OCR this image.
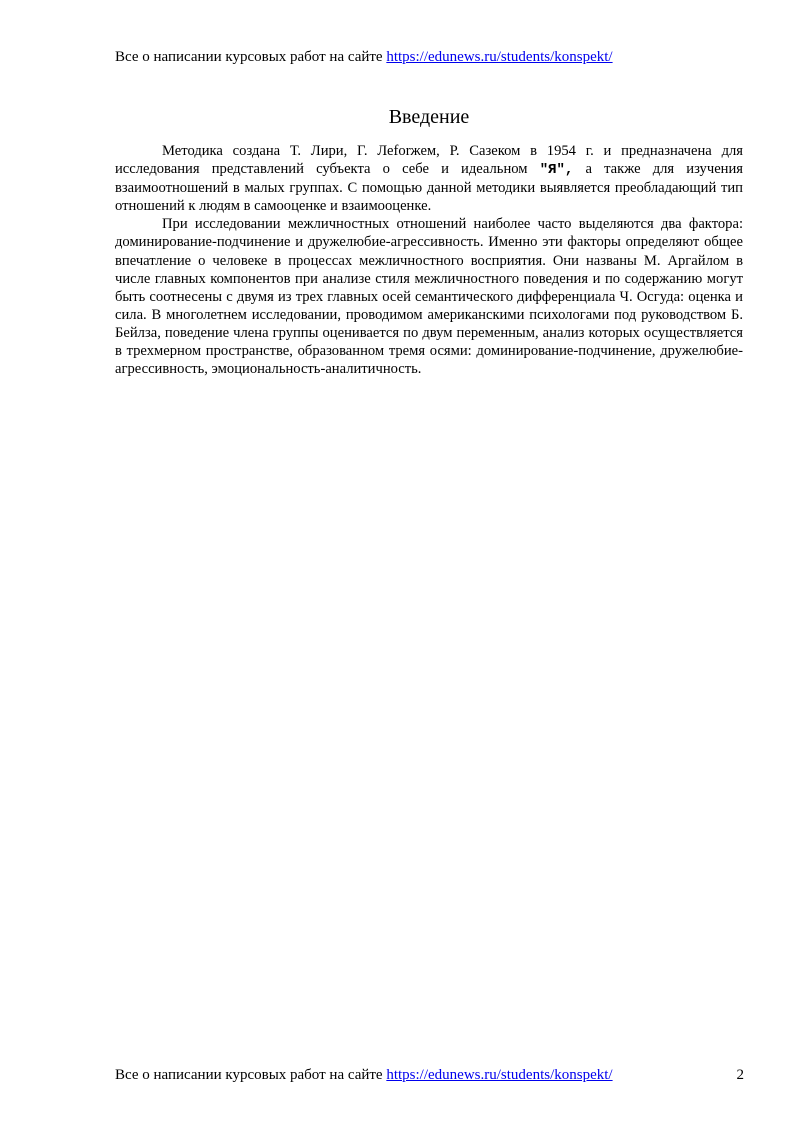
Все о написании курсовых работ на сайте https://edunews.ru/students/konspekt/
Введение

Методика создана Т. Лири, Г. Леforжем, Р. Сазеком в 1954 г. и предназначена для исследования представлений субъекта о себе и идеальном "Я", а также для изучения взаимоотношений в малых группах. С помощью данной методики выявляется преобладающий тип отношений к людям в самооценке и взаимооценке.

При исследовании межличностных отношений наиболее часто выделяются два фактора: доминирование-подчинение и дружелюбие-агрессивность. Именно эти факторы определяют общее впечатление о человеке в процессах межличностного восприятия. Они названы М. Аргайлом в числе главных компонентов при анализе стиля межличностного поведения и по содержанию могут быть соотнесены с двумя из трех главных осей семантического дифференциала Ч. Осгуда: оценка и сила. В многолетнем исследовании, проводимом американскими психологами под руководством Б. Бейлза, поведение члена группы оценивается по двум переменным, анализ которых осуществляется в трехмерном пространстве, образованном тремя осями: доминирование-подчинение, дружелюбие-агрессивность, эмоциональность-аналитичность.

Все о написании курсовых работ на сайте https://edunews.ru/students/konspekt/	2
